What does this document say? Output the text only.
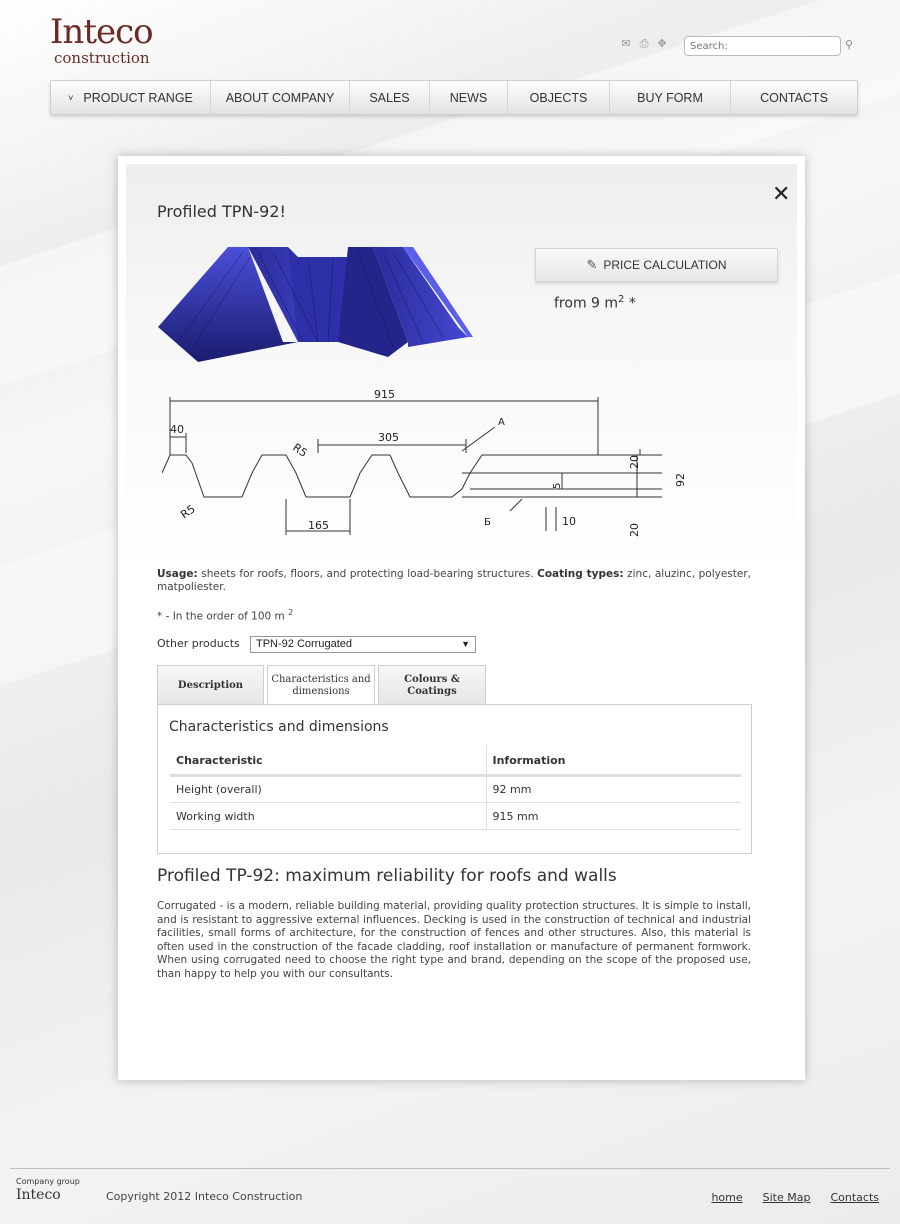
Inteco
construction
✉ ⎙ ✥
Search:	⚲
˅ PRODUCT RANGE	ABOUT COMPANY	SALES	NEWS	OBJECTS	BUY FORM	CONTACTS
✕
Profiled TPN-92!
✎ PRICE CALCULATION
from 9 $m^2$ *
915
40
R5
305
A
20
92
5
R5
165	Б	10
20
Usage: sheets for roofs, floors, and protecting load-bearing structures. Coating types: zinc, aluzinc, polyester, matpoliester.
* - In the order of 100 m $^2$
Other products	TPN-92 Corrugated	▼
Description	Characteristics and dimensions
Colours & Coatings
Characteristics and dimensions
Characteristic	Information
Height (overall)	92 mm
Working width	915 mm
Profiled TP-92: maximum reliability for roofs and walls
Corrugated - is a modern, reliable building material, providing quality protection structures. It is simple to install, and is resistant to aggressive external influences. Decking is used in the construction of technical and industrial facilities, small forms of architecture, for the construction of fences and other structures. Also, this material is often used in the construction of the facade cladding, roof installation or manufacture of permanent formwork. When using corrugated need to choose the right type and brand, depending on the scope of the proposed use, than happy to help you with our consultants.
Company group
Inteco	Copyright 2012 Inteco Construction	home Site Map Contacts
